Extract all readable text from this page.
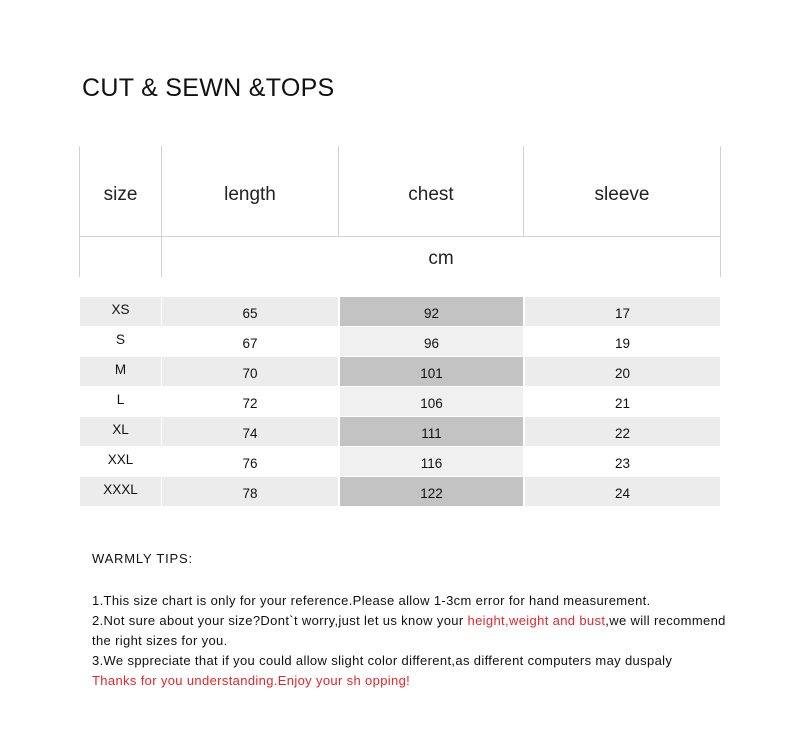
CUT & SEWN &TOPS
size	length	chest	sleeve
cm
XS	65	92	17
S	67	96	19
M	70	101	20
L	72	106	21
XL	74	111	22
XXL	76	116	23
XXXL	78	122	24
WARMLY TIPS:

1.This size chart is only for your reference.Please allow 1-3cm error for hand measurement.

2.Not sure about your size?Dont`t worry,just let us know your height,weight and bust,we will recommend the right sizes for you.

3.We sppreciate that if you could allow slight color different,as different computers may duspaly

Thanks for you understanding.Enjoy your sh opping!
